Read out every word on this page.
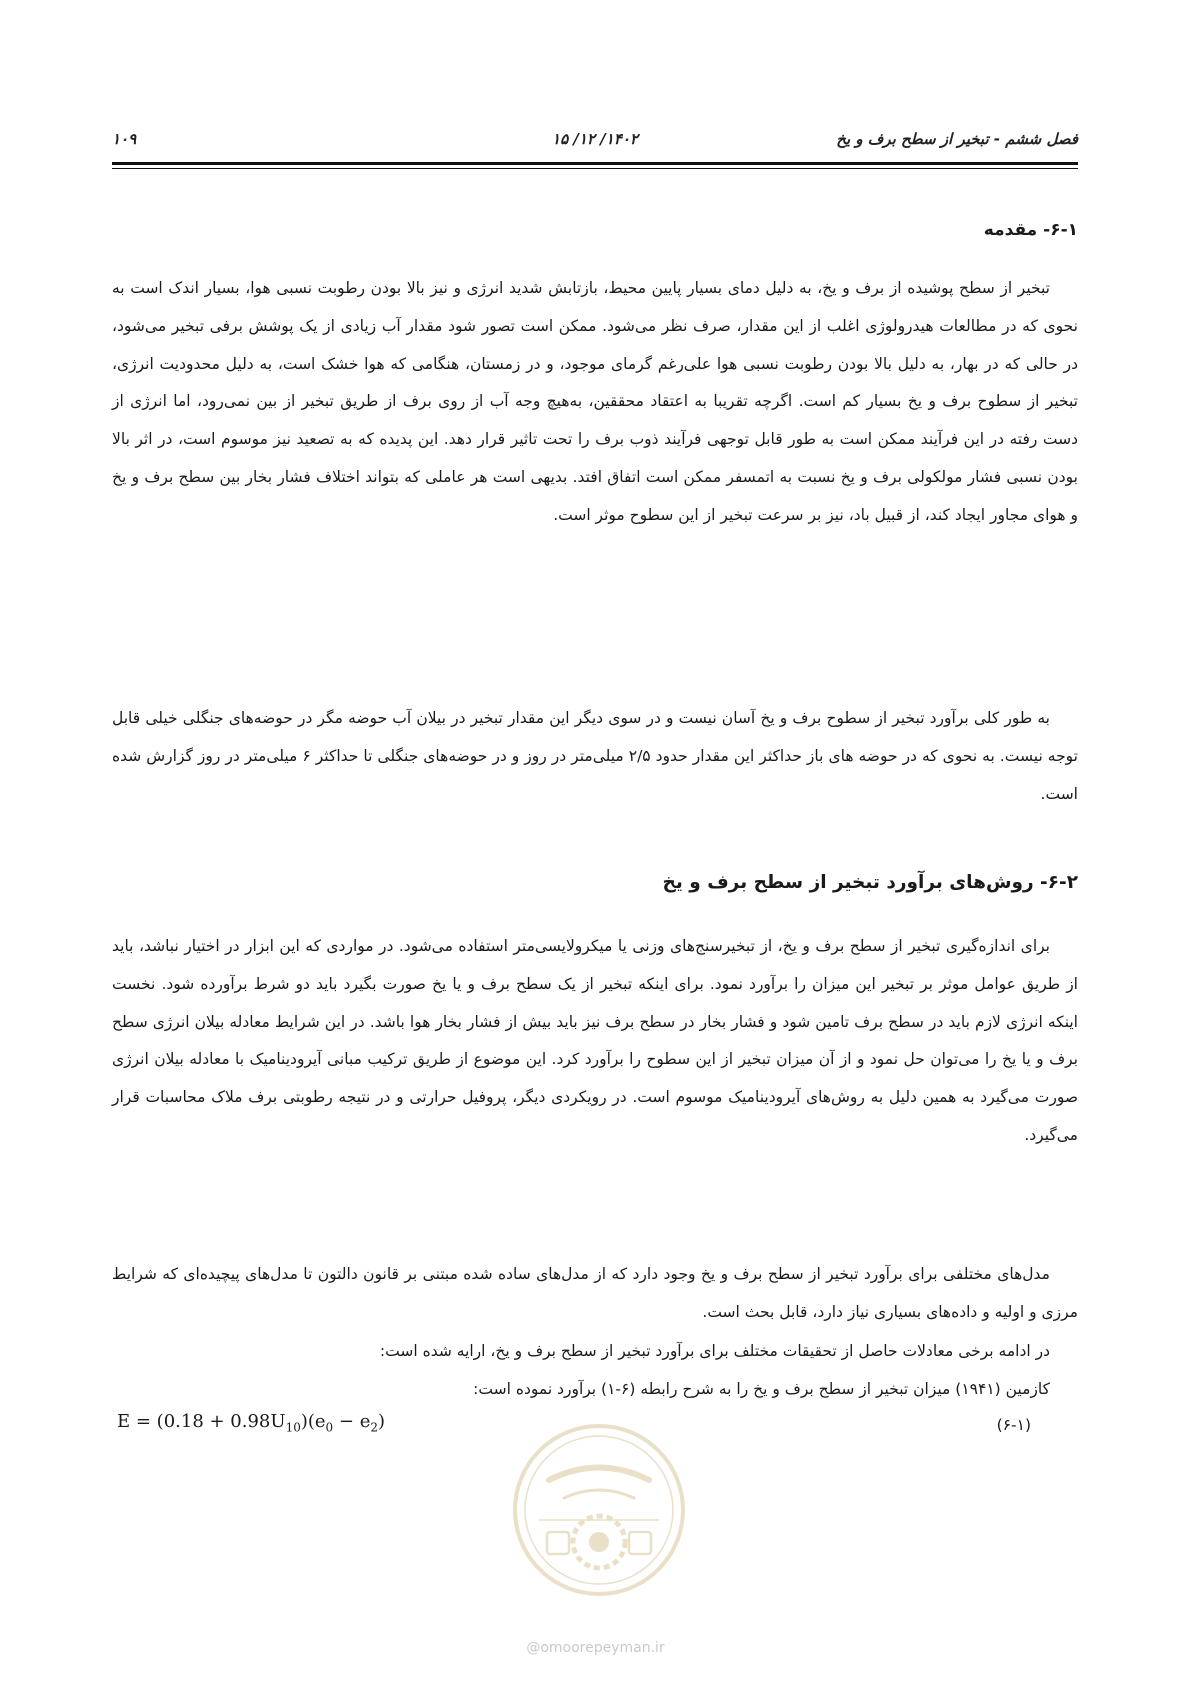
فصل ششم - تبخیر از سطح برف و یخ
۱۴۰۲/ ۱۲/ ۱۵
۱۰۹
۶-۱- مقدمه

تبخیر از سطح پوشیده از برف و یخ، به دلیل دمای بسیار پایین محیط، بازتابش شدید انرژی و نیز بالا بودن رطوبت نسبی هوا، بسیار اندک است به نحوی که در مطالعات هیدرولوژی اغلب از این مقدار، صرف نظر می‌شود. ممکن است تصور شود مقدار آب زیادی از یک پوشش برفی تبخیر می‌شود، در حالی که در بهار، به دلیل بالا بودن رطوبت نسبی هوا علی‌رغم گرمای موجود، و در زمستان، هنگامی که هوا خشک است، به دلیل محدودیت انرژی، تبخیر از سطوح برف و یخ بسیار کم است. اگرچه تقریبا به اعتقاد محققین، به‌هیچ وجه آب از روی برف از طریق تبخیر از بین نمی‌رود، اما انرژی از دست رفته در این فرآیند ممکن است به طور قابل توجهی فرآیند ذوب برف را تحت تاثیر قرار دهد. این پدیده که به تصعید نیز موسوم است، در اثر بالا بودن نسبی فشار مولکولی برف و یخ نسبت به اتمسفر ممکن است اتفاق افتد. بدیهی است هر عاملی که بتواند اختلاف فشار بخار بین سطح برف و یخ و هوای مجاور ایجاد کند، از قبیل باد، نیز بر سرعت تبخیر از این سطوح موثر است.

به طور کلی برآورد تبخیر از سطوح برف و یخ آسان نیست و در سوی دیگر این مقدار تبخیر در بیلان آب حوضه مگر در حوضه‌های جنگلی خیلی قابل توجه نیست. به نحوی که در حوضه های باز حداکثر این مقدار حدود ۲/۵ میلی‌متر در روز و در حوضه‌های جنگلی تا حداکثر ۶ میلی‌متر در روز گزارش شده است.

۶-۲- روش‌های برآورد تبخیر از سطح برف و یخ

برای اندازه‌گیری تبخیر از سطح برف و یخ، از تبخیرسنج‌های وزنی یا میکرولایسی‌متر استفاده می‌شود. در مواردی که این ابزار در اختیار نباشد، باید از طریق عوامل موثر بر تبخیر این میزان را برآورد نمود. برای اینکه تبخیر از یک سطح برف و یا یخ صورت بگیرد باید دو شرط برآورده شود. نخست اینکه انرژی لازم باید در سطح برف تامین شود و فشار بخار در سطح برف نیز باید بیش از فشار بخار هوا باشد. در این شرایط معادله بیلان انرژی سطح برف و یا یخ را می‌توان حل نمود و از آن میزان تبخیر از این سطوح را برآورد کرد. این موضوع از طریق ترکیب مبانی آیرودینامیک با معادله بیلان انرژی صورت می‌گیرد به همین دلیل به روش‌های آیرودینامیک موسوم است. در رویکردی دیگر، پروفیل حرارتی و در نتیجه رطوبتی برف ملاک محاسبات قرار می‌گیرد.

مدل‌های مختلفی برای برآورد تبخیر از سطح برف و یخ وجود دارد که از مدل‌های ساده شده مبتنی بر قانون دالتون تا مدل‌های پیچیده‌ای که شرایط مرزی و اولیه و داده‌های بسیاری نیاز دارد، قابل بحث است.

در ادامه برخی معادلات حاصل از تحقیقات مختلف برای برآورد تبخیر از سطح برف و یخ، ارایه شده است:

کازمین (۱۹۴۱) میزان تبخیر از سطح برف و یخ را به شرح رابطه (۶-۱) برآورد نموده است:

$E = (0.18 + 0.98U_{10})(e_0 - e_2)$	(۶-۱)
@omoorepeyman.ir
